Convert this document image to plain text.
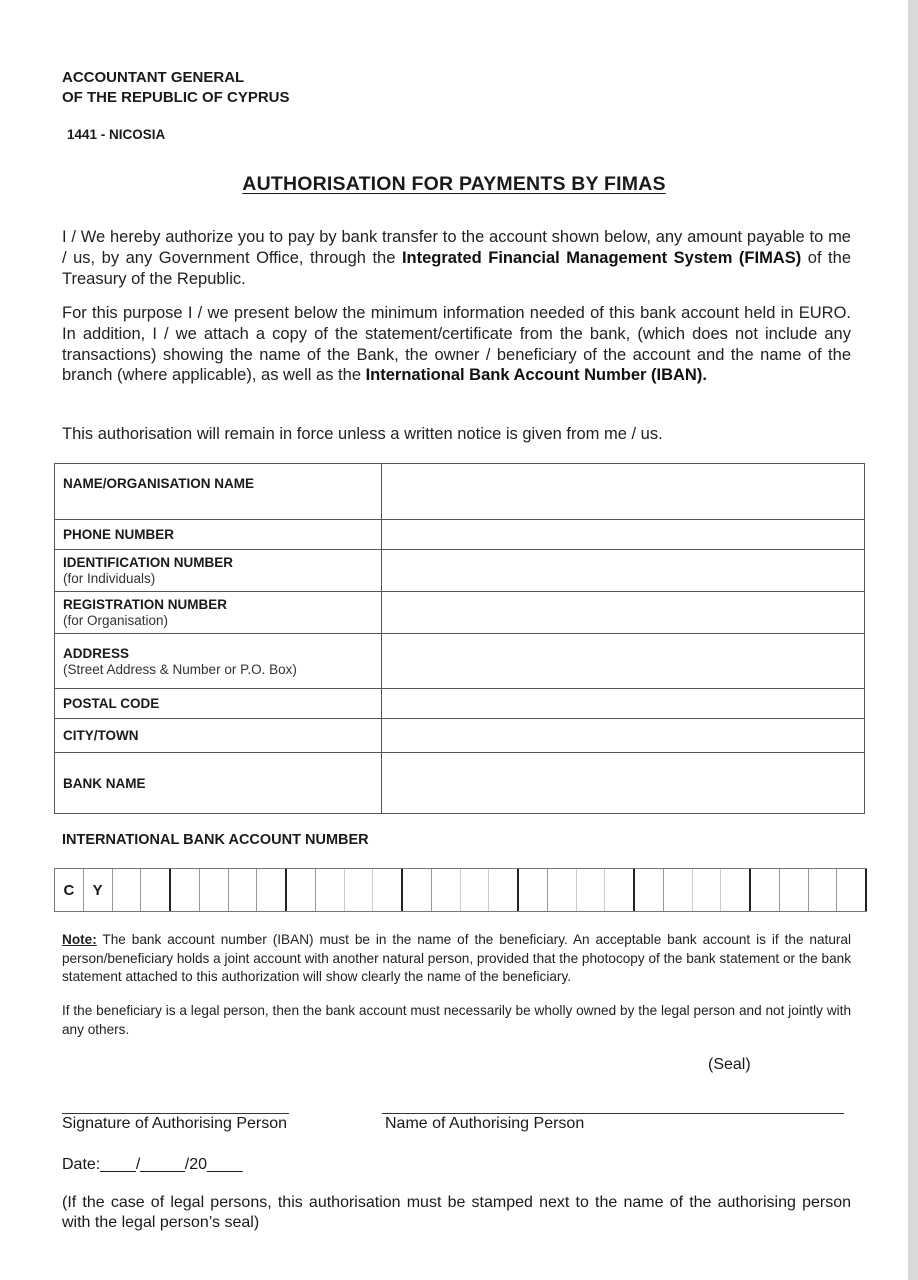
ACCOUNTANT GENERAL
OF THE REPUBLIC OF CYPRUS
1441 - NICOSIA
AUTHORISATION FOR PAYMENTS BY FIMAS
I / We hereby authorize you to pay by bank transfer to the account shown below, any amount payable to me / us, by any Government Office, through the Integrated Financial Management System (FIMAS) of the Treasury of the Republic.
For this purpose I / we present below the minimum information needed of this bank account held in EURO. In addition, I / we attach a copy of the statement/certificate from the bank, (which does not include any transactions) showing the name of the Bank, the owner / beneficiary of the account and the name of the branch (where applicable), as well as the International Bank Account Number (IBAN).
This authorisation will remain in force unless a written notice is given from me / us.
NAME/ORGANISATION NAME	

PHONE NUMBER	

IDENTIFICATION NUMBER
(for Individuals)	

REGISTRATION NUMBER
(for Organisation)	

ADDRESS
(Street Address & Number or P.O. Box)	

POSTAL CODE	

CITY/TOWN	

BANK NAME	

INTERNATIONAL BANK ACCOUNT NUMBER
C	Y
Note: The bank account number (IBAN) must be in the name of the beneficiary. An acceptable bank account is if the natural person/beneficiary holds a joint account with another natural person, provided that the photocopy of the bank statement or the bank statement attached to this authorization will show clearly the name of the beneficiary.
If the beneficiary is a legal person, then the bank account must necessarily be wholly owned by the legal person and not jointly with any others.
(Seal)
Signature of Authorising Person	Name of Authorising Person
Date:____/_____/20____
(If the case of legal persons, this authorisation must be stamped next to the name of the authorising person with the legal person’s seal)
